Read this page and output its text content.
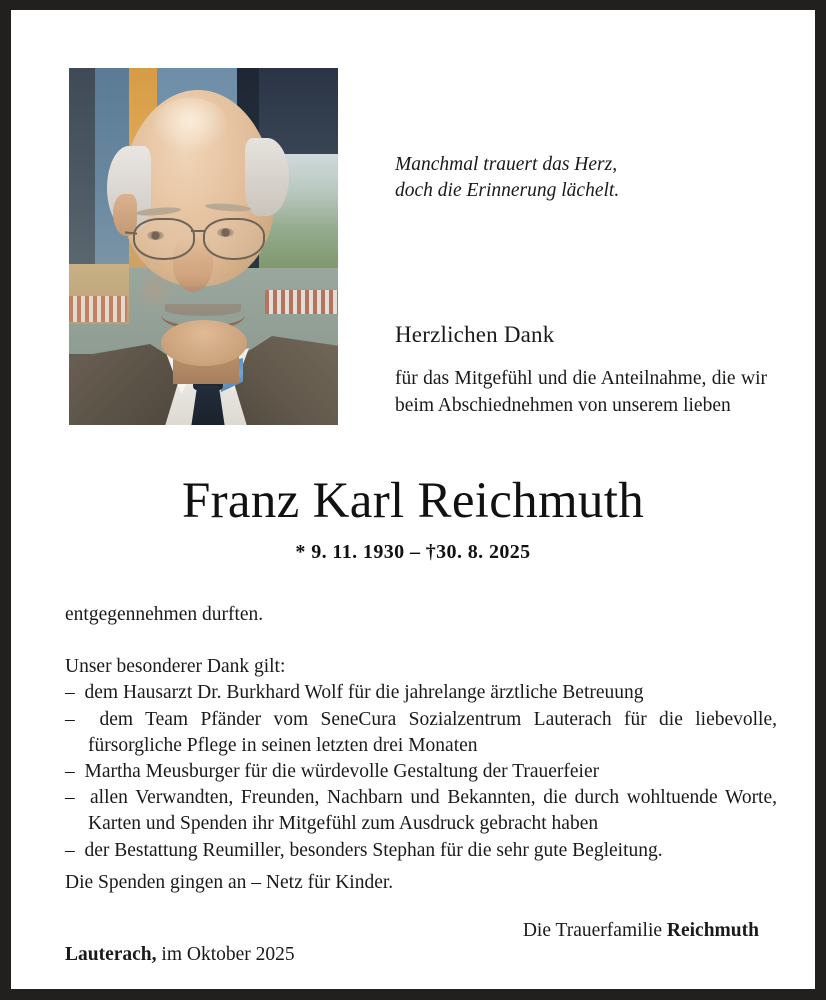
Manchmal trauert das Herz,
doch die Erinnerung lächelt.
Herzlichen Dank
für das Mitgefühl und die Anteilnahme, die wir beim Abschiednehmen von unserem lieben
Franz Karl Reichmuth
* 9. 11. 1930 – †30. 8. 2025

entgegennehmen durften.

Unser besonderer Dank gilt:

–  dem Hausarzt Dr. Burkhard Wolf für die jahrelange ärztliche Betreuung
–  dem Team Pfänder vom SeneCura Sozialzentrum Lauterach für die liebevolle, fürsorgliche Pflege in seinen letzten drei Monaten
–  Martha Meusburger für die würdevolle Gestaltung der Trauerfeier
–  allen Verwandten, Freunden, Nachbarn und Bekannten, die durch wohltuende Worte, Karten und Spenden ihr Mitgefühl zum Ausdruck gebracht haben
–  der Bestattung Reumiller, besonders Stephan für die sehr gute Begleitung.
Die Spenden gingen an – Netz für Kinder.
Die Trauerfamilie Reichmuth
Lauterach, im Oktober 2025
